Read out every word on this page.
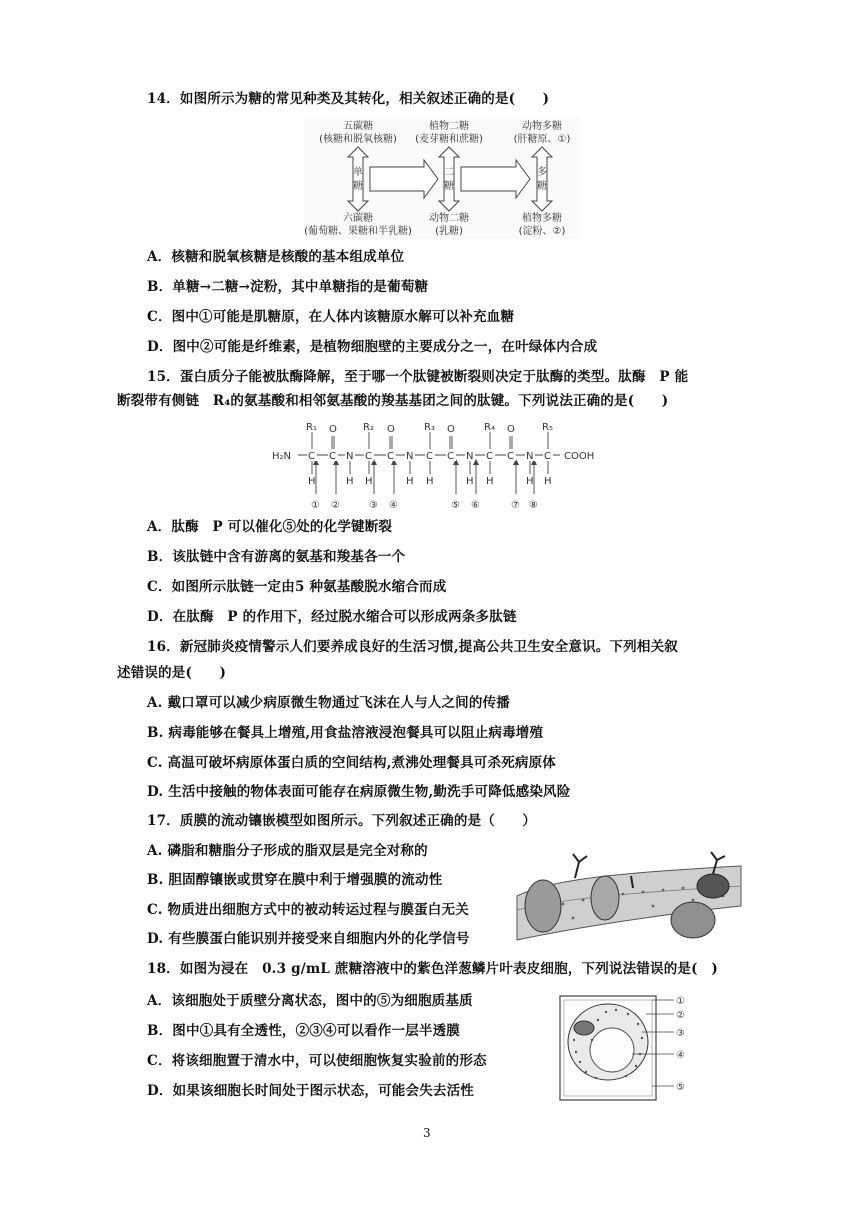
14．如图所示为糖的常见种类及其转化，相关叙述正确的是(　　)
五碳糖	植物二糖	动物多糖
(核糖和脱氧核糖) (麦芽糖和蔗糖)	(肝糖原、①)
单
糖
二
糖
多
糖
六碳糖	动物二糖	植物多糖
(葡萄糖、果糖和半乳糖) (乳糖)	(淀粉、②)
A．核糖和脱氧核糖是核酸的基本组成单位
B．单糖→二糖→淀粉，其中单糖指的是葡萄糖
C．图中①可能是肌糖原，在人体内该糖原水解可以补充血糖
D．图中②可能是纤维素，是植物细胞壁的主要成分之一，在叶绿体内合成
15．蛋白质分子能被肽酶降解，至于哪一个肽键被断裂则决定于肽酶的类型。肽酶　P 能
断裂带有侧链　R₄的氨基酸和相邻氨基酸的羧基基团之间的肽键。下列说法正确的是(　　)
H₂N	COOH
R₁	R₂	R₃	R₄	R₅
O	O	O	O
C C N C C N C C N C C N C
H	H H	H H	H H	H H
① ②	③ ④	⑤ ⑥	⑦ ⑧
A．肽酶　P 可以催化⑤处的化学键断裂
B．该肽链中含有游离的氨基和羧基各一个
C．如图所示肽链一定由5 种氨基酸脱水缩合而成
D．在肽酶　P 的作用下，经过脱水缩合可以形成两条多肽链
16．新冠肺炎疫情警示人们要养成良好的生活习惯,提高公共卫生安全意识。下列相关叙
述错误的是(　　)
A. 戴口罩可以减少病原微生物通过飞沫在人与人之间的传播
B. 病毒能够在餐具上增殖,用食盐溶液浸泡餐具可以阻止病毒增殖
C. 高温可破坏病原体蛋白质的空间结构,煮沸处理餐具可杀死病原体
D. 生活中接触的物体表面可能存在病原微生物,勤洗手可降低感染风险
17．质膜的流动镶嵌模型如图所示。下列叙述正确的是（　　）
A. 磷脂和糖脂分子形成的脂双层是完全对称的
B. 胆固醇镶嵌或贯穿在膜中利于增强膜的流动性
C. 物质进出细胞方式中的被动转运过程与膜蛋白无关
D. 有些膜蛋白能识别并接受来自细胞内外的化学信号
18．如图为浸在　0.3 g/mL 蔗糖溶液中的紫色洋葱鳞片叶表皮细胞，下列说法错误的是(　)
A．该细胞处于质壁分离状态，图中的⑤为细胞质基质
B．图中①具有全透性，②③④可以看作一层半透膜
C．将该细胞置于清水中，可以使细胞恢复实验前的形态
D．如果该细胞长时间处于图示状态，可能会失去活性
①
②
③
④
⑤
3
